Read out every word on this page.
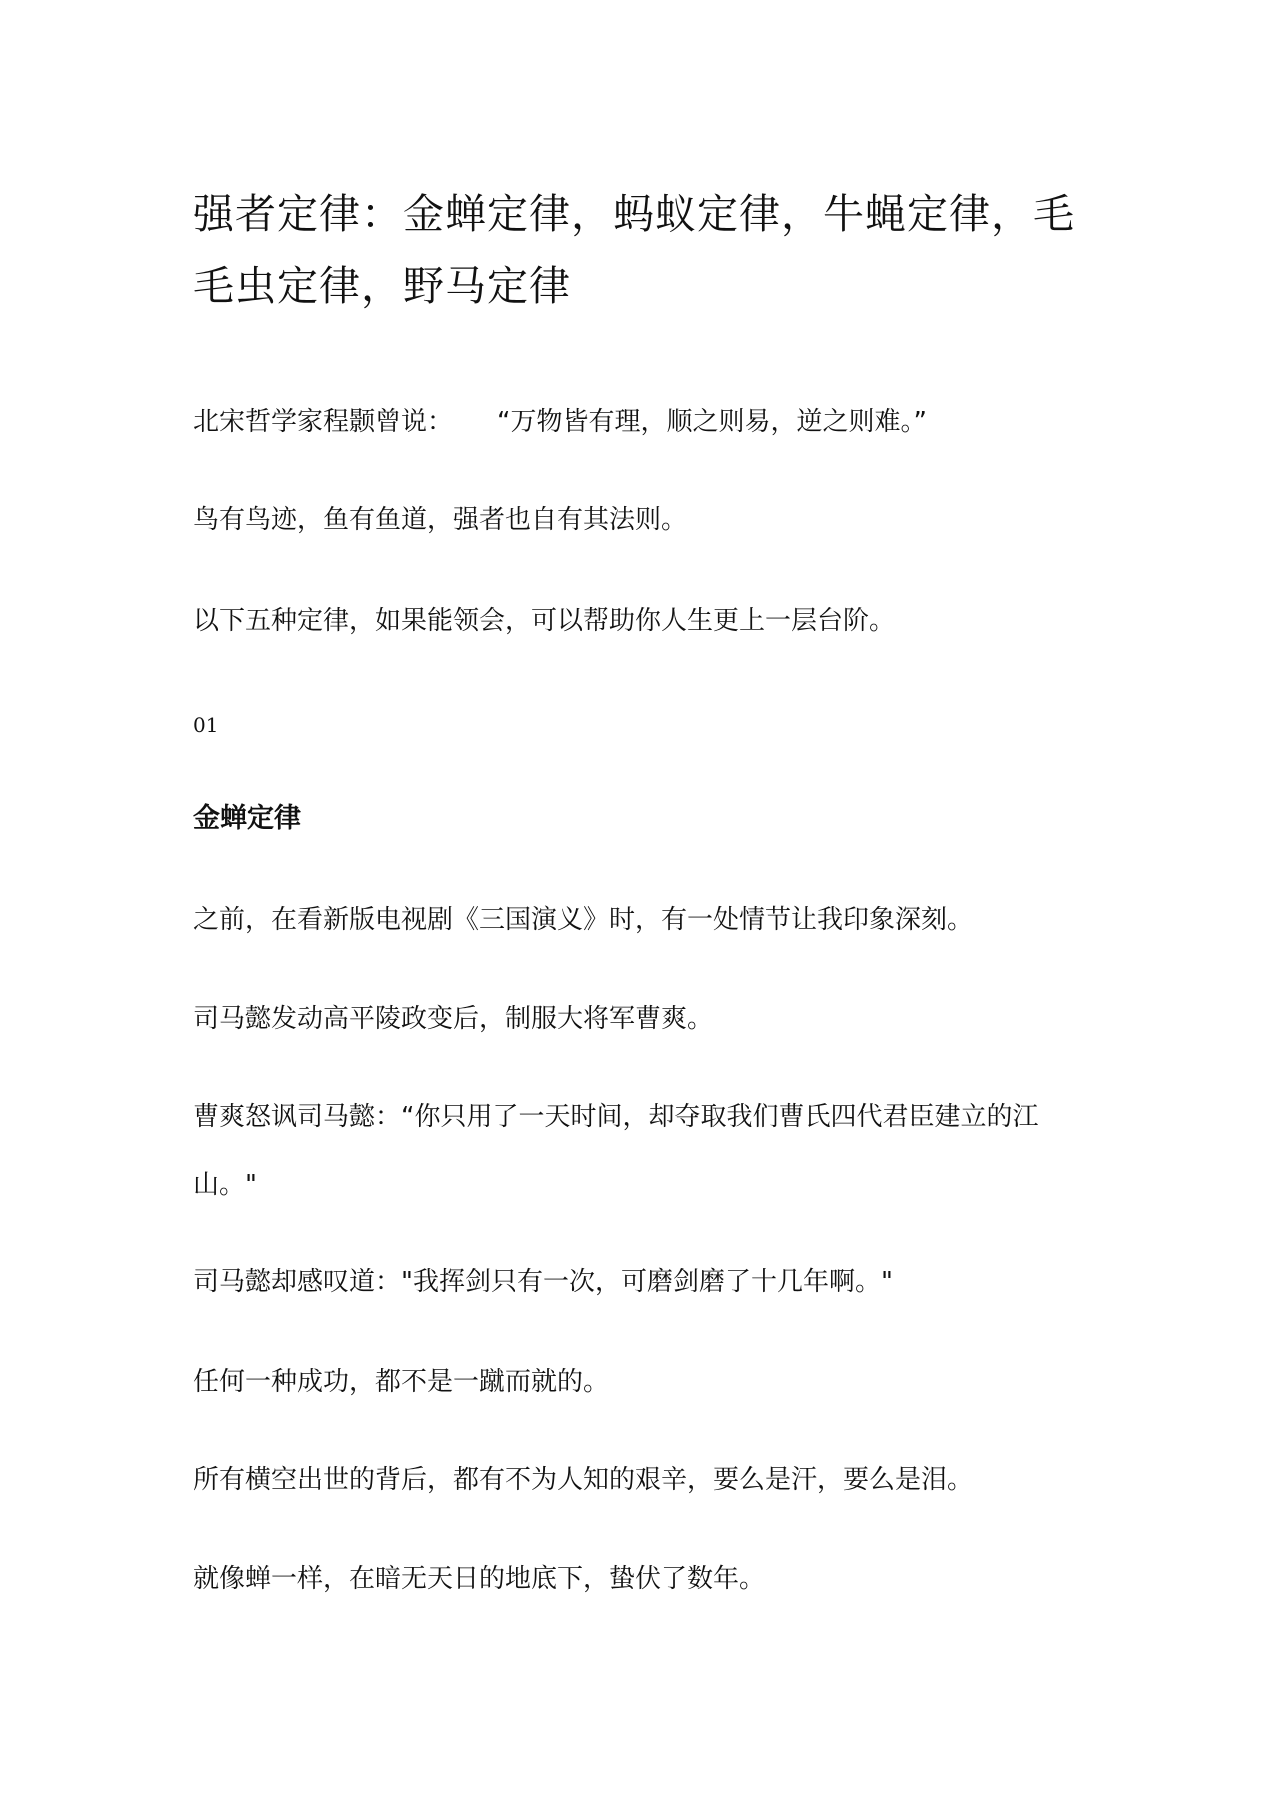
强者定律：金蝉定律，蚂蚁定律，牛蝇定律，毛毛虫定律，野马定律

北宋哲学家程颢曾说： “万物皆有理，顺之则易，逆之则难。”

鸟有鸟迹，鱼有鱼道，强者也自有其法则。

以下五种定律，如果能领会，可以帮助你人生更上一层台阶。

01

金蝉定律

之前，在看新版电视剧《三国演义》时，有一处情节让我印象深刻。

司马懿发动高平陵政变后，制服大将军曹爽。

曹爽怒讽司马懿：“你只用了一天时间，却夺取我们曹氏四代君臣建立的江山。"

司马懿却感叹道："我挥剑只有一次，可磨剑磨了十几年啊。"

任何一种成功，都不是一蹴而就的。

所有横空出世的背后，都有不为人知的艰辛，要么是汗，要么是泪。

就像蝉一样，在暗无天日的地底下，蛰伏了数年。
